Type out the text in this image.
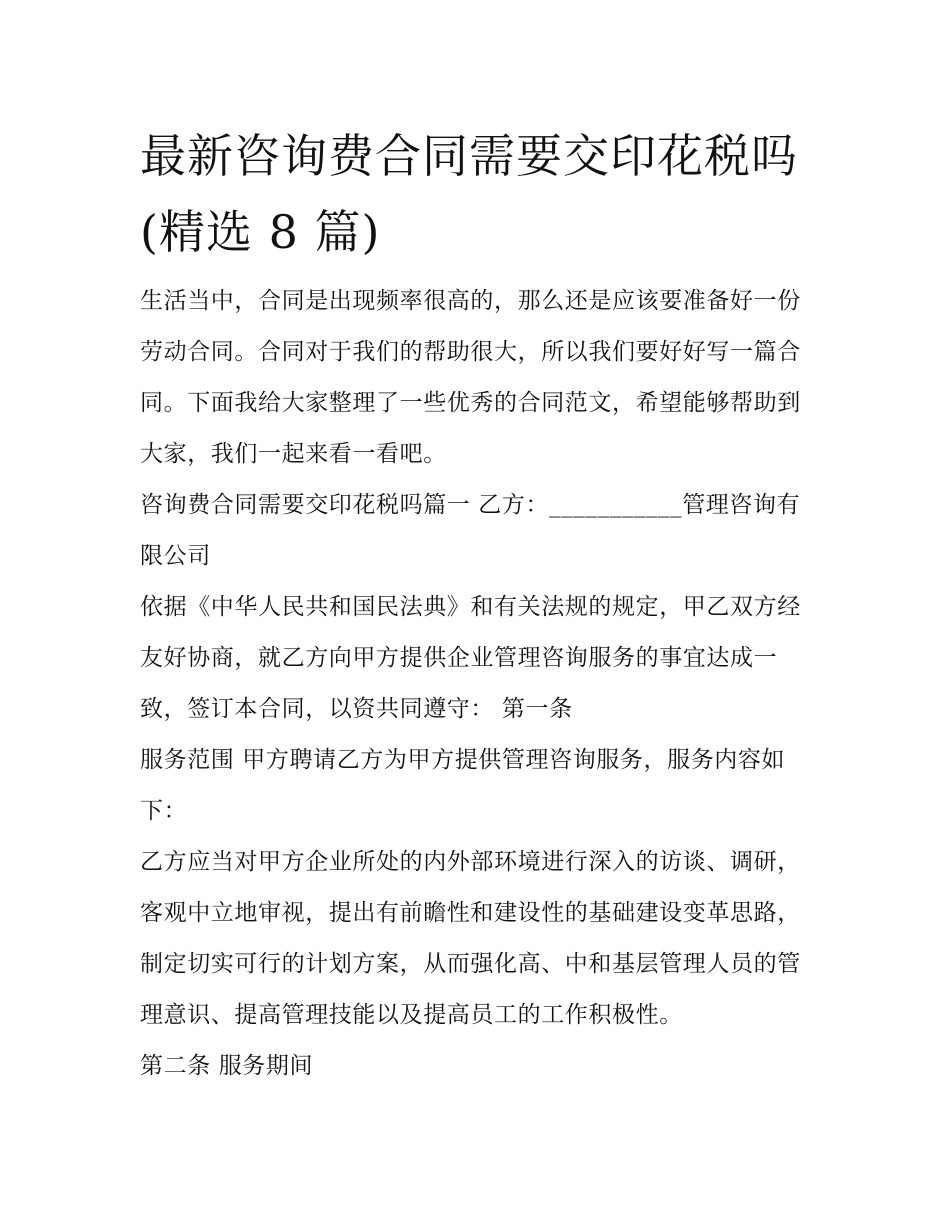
最新咨询费合同需要交印花税吗(精选 8 篇)

生活当中，合同是出现频率很高的，那么还是应该要准备好一份劳动合同。合同对于我们的帮助很大，所以我们要好好写一篇合同。下面我给大家整理了一些优秀的合同范文，希望能够帮助到大家，我们一起来看一看吧。

咨询费合同需要交印花税吗篇一 乙方：___________管理咨询有限公司

依据《中华人民共和国民法典》和有关法规的规定，甲乙双方经友好协商，就乙方向甲方提供企业管理咨询服务的事宜达成一致，签订本合同，以资共同遵守： 第一条

服务范围 甲方聘请乙方为甲方提供管理咨询服务，服务内容如下：

乙方应当对甲方企业所处的内外部环境进行深入的访谈、调研，客观中立地审视，提出有前瞻性和建设性的基础建设变革思路，制定切实可行的计划方案，从而强化高、中和基层管理人员的管理意识、提高管理技能以及提高员工的工作积极性。

第二条 服务期间
